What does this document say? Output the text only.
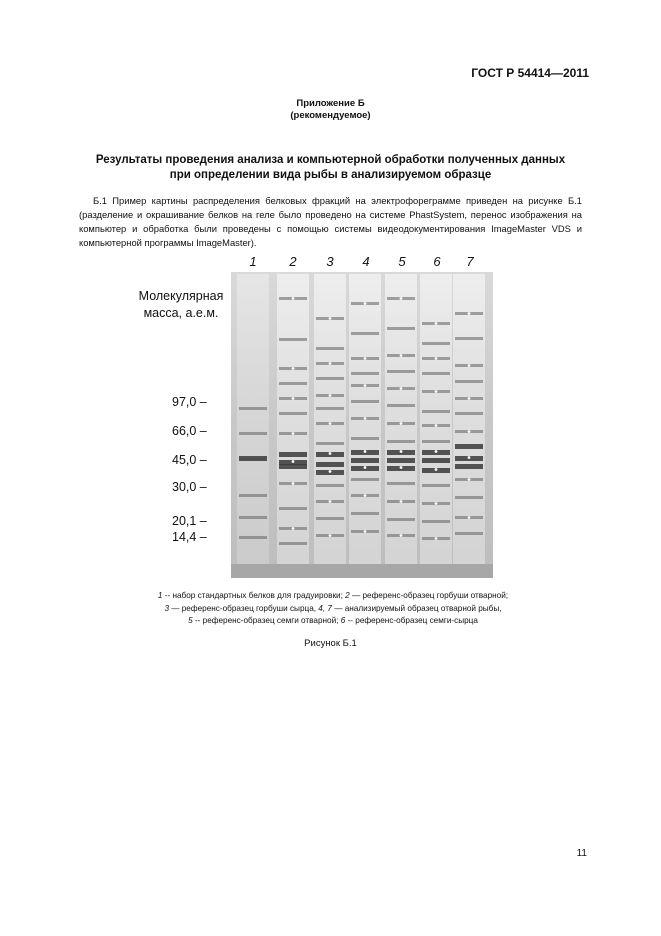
ГОСТ Р 54414—2011
Приложение Б
(рекомендуемое)
Результаты проведения анализа и компьютерной обработки полученных данных
при определении вида рыбы в анализируемом образце
Б.1 Пример картины распределения белковых фракций на электрофореграмме приведен на рисунке Б.1 (разделение и окрашивание белков на геле было проведено на системе PhastSystem, перенос изображения на компьютер и обработка были проведены с помощью системы видеодокументирования ImageMaster VDS и компьютерной программы ImageMaster).
1	2	3	4	5	6	7
Молекулярная
масса, а.е.м.
97,0 –
66,0 –
45,0 –
30,0 –
20,1 –
14,4 –
1 -- набор стандартных белков для градуировки; 2 — референс-образец горбуши отварной;
3 — референс-образец горбуши сырца, 4, 7 — анализируемый образец отварной рыбы,
5 -- референс-образец семги отварной; 6 -- референс-образец семги-сырца
Рисунок Б.1
11
